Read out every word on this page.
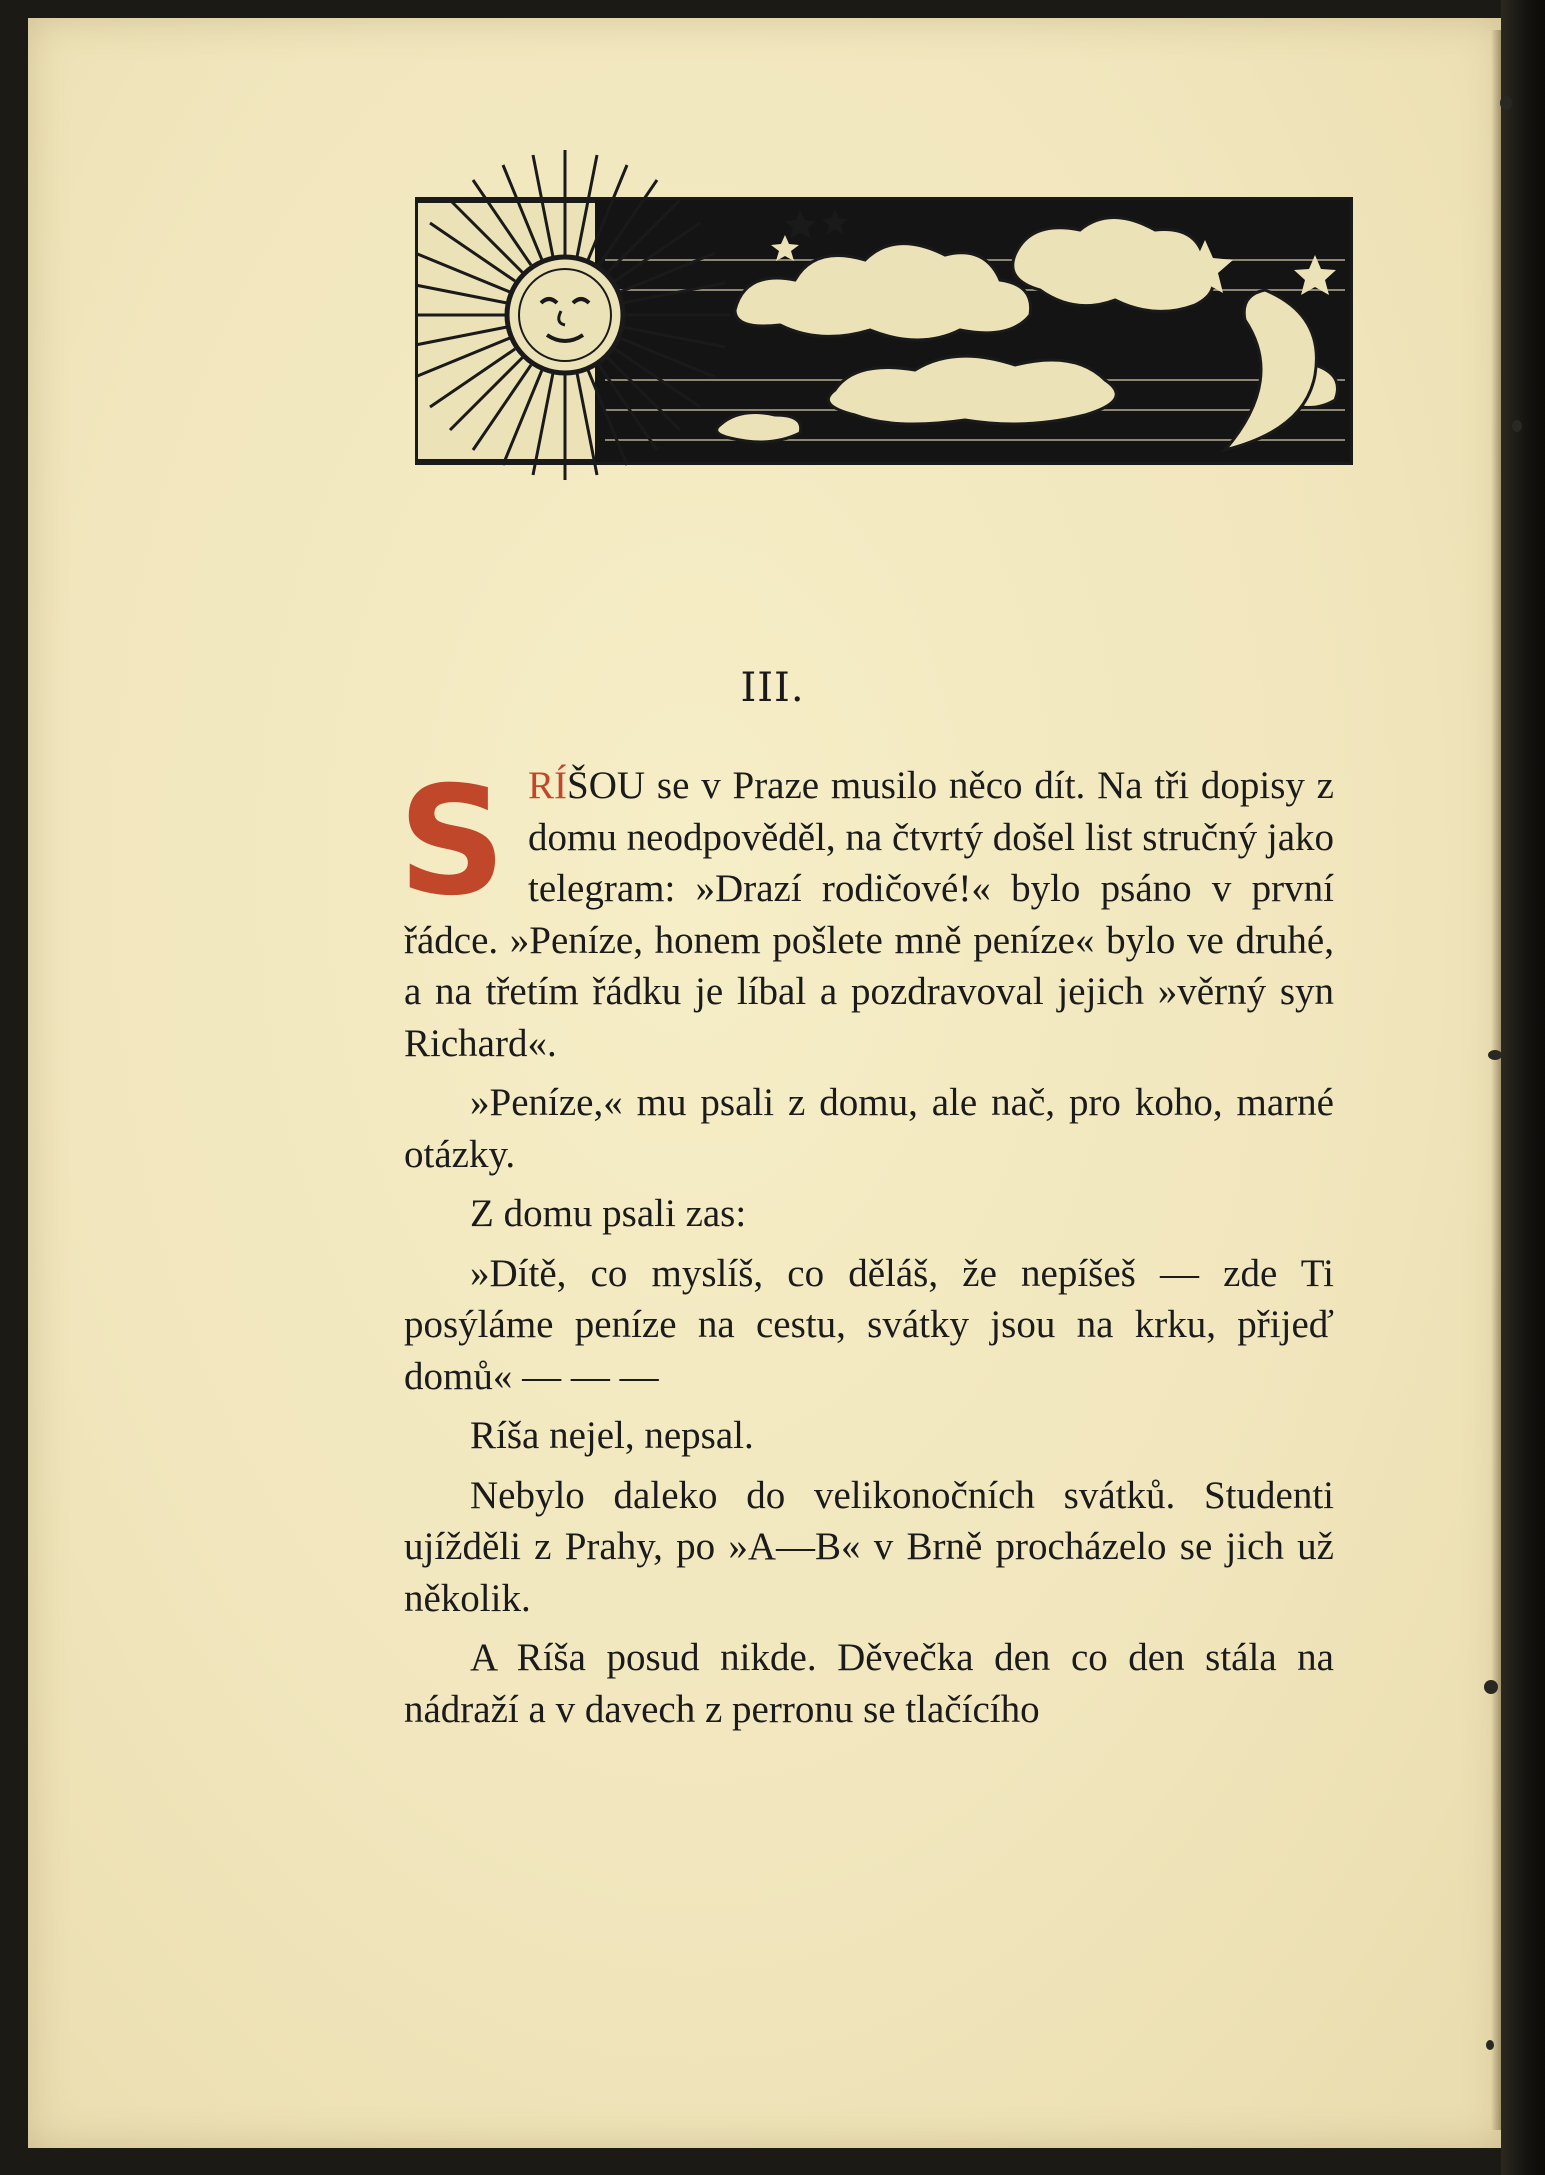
III.

SRÍŠOU se v Praze musilo něco dít. Na tři dopisy z domu neodpověděl, na čtvrtý došel list stručný jako telegram: »Drazí rodičové!« bylo psáno v první řádce. »Peníze, honem pošlete mně peníze« bylo ve druhé, a na třetím řádku je líbal a pozdravoval jejich »věrný syn Richard«.

»Peníze,« mu psali z domu, ale nač, pro koho, marné otázky.

Z domu psali zas:

»Dítě, co myslíš, co děláš, že nepíšeš — zde Ti posýláme peníze na cestu, svátky jsou na krku, přijeď domů« — — —

Ríša nejel, nepsal.

Nebylo daleko do velikonočních svátků. Studenti ujížděli z Prahy, po »A—B« v Brně procházelo se jich už několik.

A Ríša posud nikde. Děvečka den co den stála na nádraží a v davech z perronu se tlačícího
